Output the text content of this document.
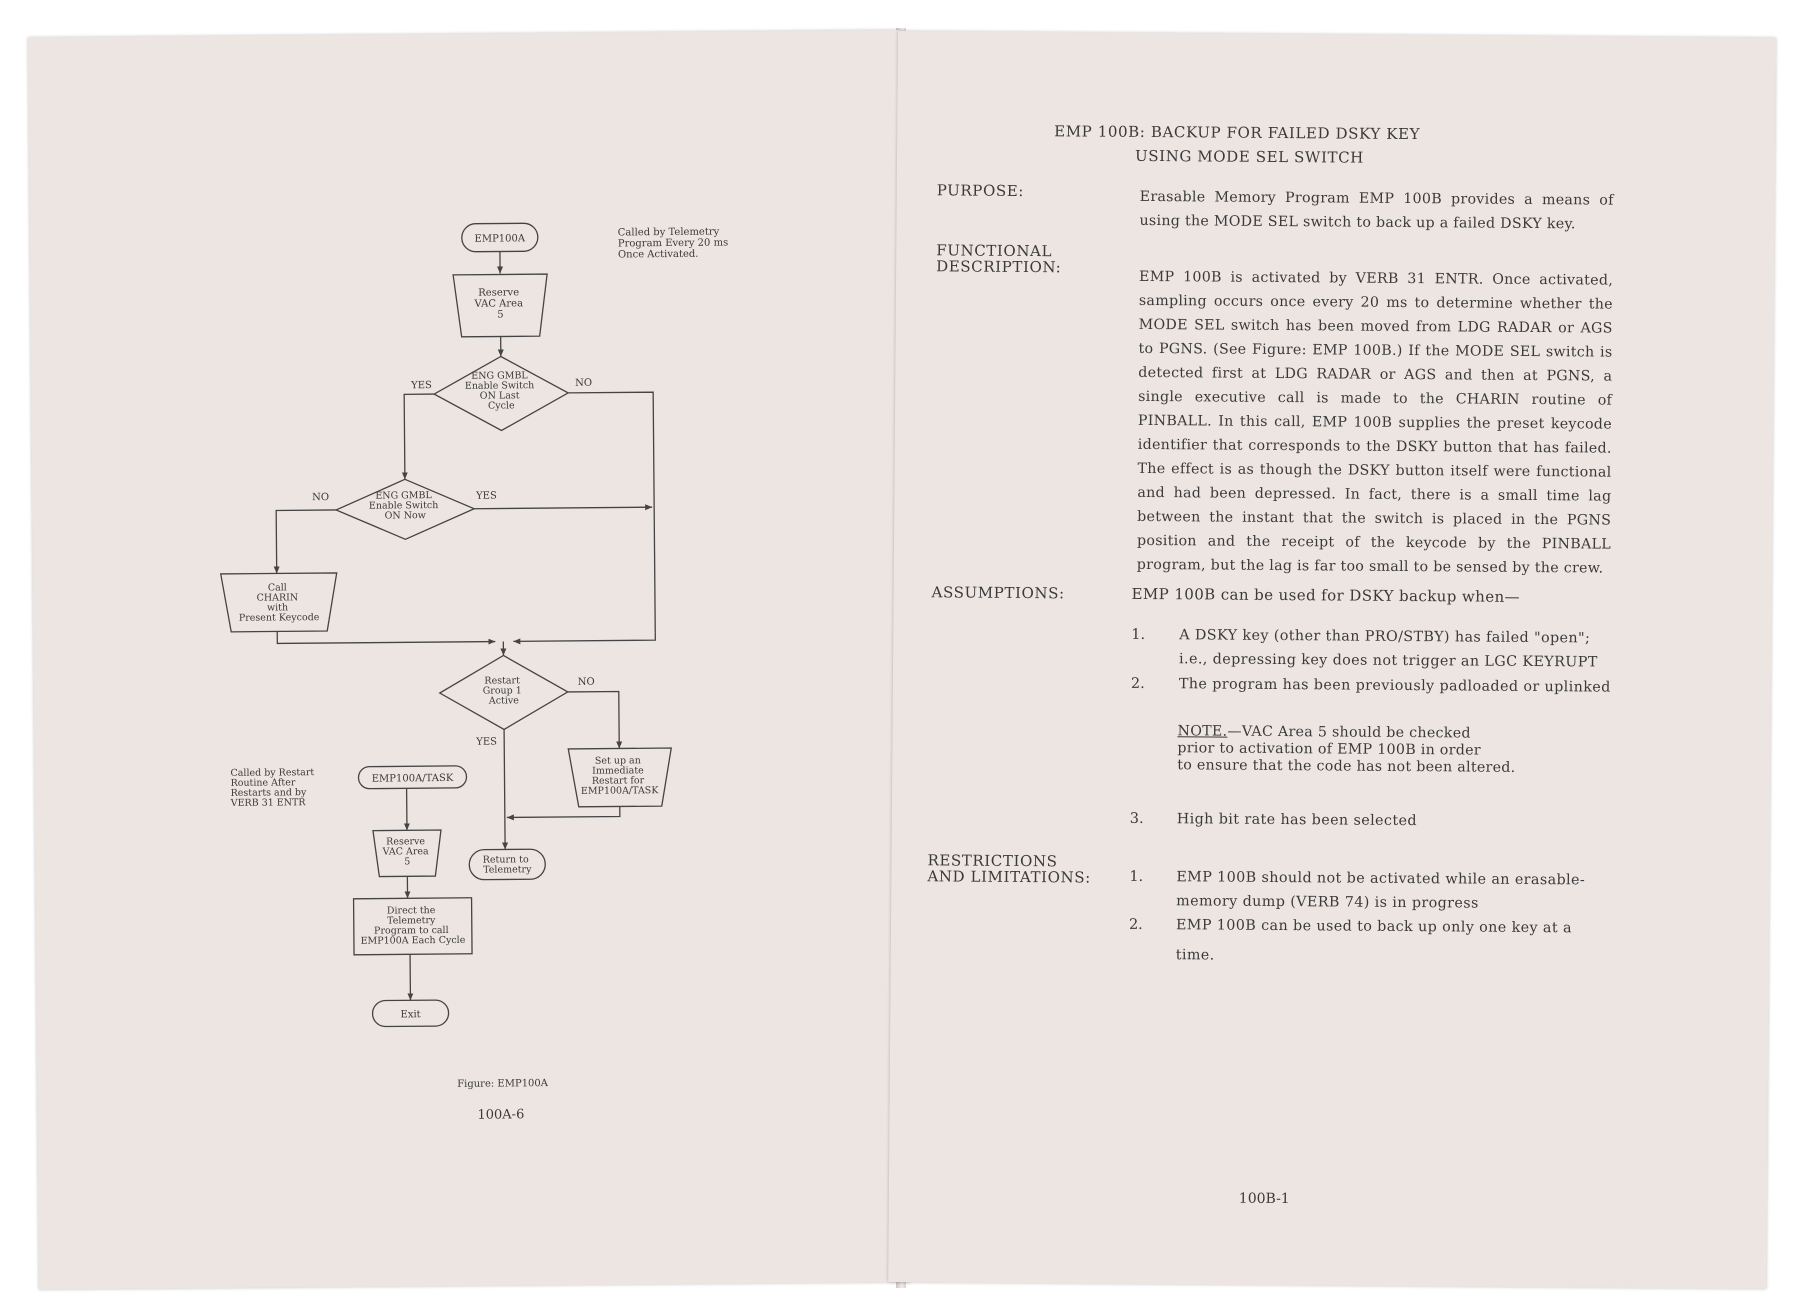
EMP100A
Called by Telemetry Program Every 20 ms Once Activated.
Reserve VAC Area 5
ENG GMBL Enable Switch ON Last Cycle
YES	NO
ENG GMBL Enable Switch ON Now
NO	YES
Call CHARIN with Present Keycode
Restart Group 1 Active
NO
YES
Set up an Immediate Restart for EMP100A/TASK
Return to Telemetry
EMP100A/TASK
Called by Restart Routine After Restarts and by VERB 31 ENTR
Reserve VAC Area 5
Direct the Telemetry Program to call EMP100A Each Cycle
Exit
Figure: EMP100A
100A-6
EMP 100B: BACKUP FOR FAILED DSKY KEY
USING MODE SEL SWITCH
PURPOSE:	Erasable Memory Program EMP 100B provides a means of using the MODE SEL switch to back up a failed DSKY key.
FUNCTIONAL
DESCRIPTION:
EMP 100B is activated by VERB 31 ENTR. Once activated, sampling occurs once every 20 ms to determine whether the MODE SEL switch has been moved from LDG RADAR or AGS to PGNS. (See Figure: EMP 100B.) If the MODE SEL switch is detected first at LDG RADAR or AGS and then at PGNS, a single executive call is made to the CHARIN routine of PINBALL. In this call, EMP 100B supplies the preset keycode identifier that corresponds to the DSKY button that has failed. The effect is as though the DSKY button itself were functional and had been depressed. In fact, there is a small time lag between the instant that the switch is placed in the PGNS position and the receipt of the keycode by the PINBALL program, but the lag is far too small to be sensed by the crew.
ASSUMPTIONS:	EMP 100B can be used for DSKY backup when—
1. A DSKY key (other than PRO/STBY) has failed "open";
i.e., depressing key does not trigger an LGC KEYRUPT
2. The program has been previously padloaded or uplinked
NOTE.—VAC Area 5 should be checked
prior to activation of EMP 100B in order
to ensure that the code has not been altered.
3. High bit rate has been selected
RESTRICTIONS
AND LIMITATIONS:	1. EMP 100B should not be activated while an erasable-
memory dump (VERB 74) is in progress
2. EMP 100B can be used to back up only one key at a
time.
100B-1
